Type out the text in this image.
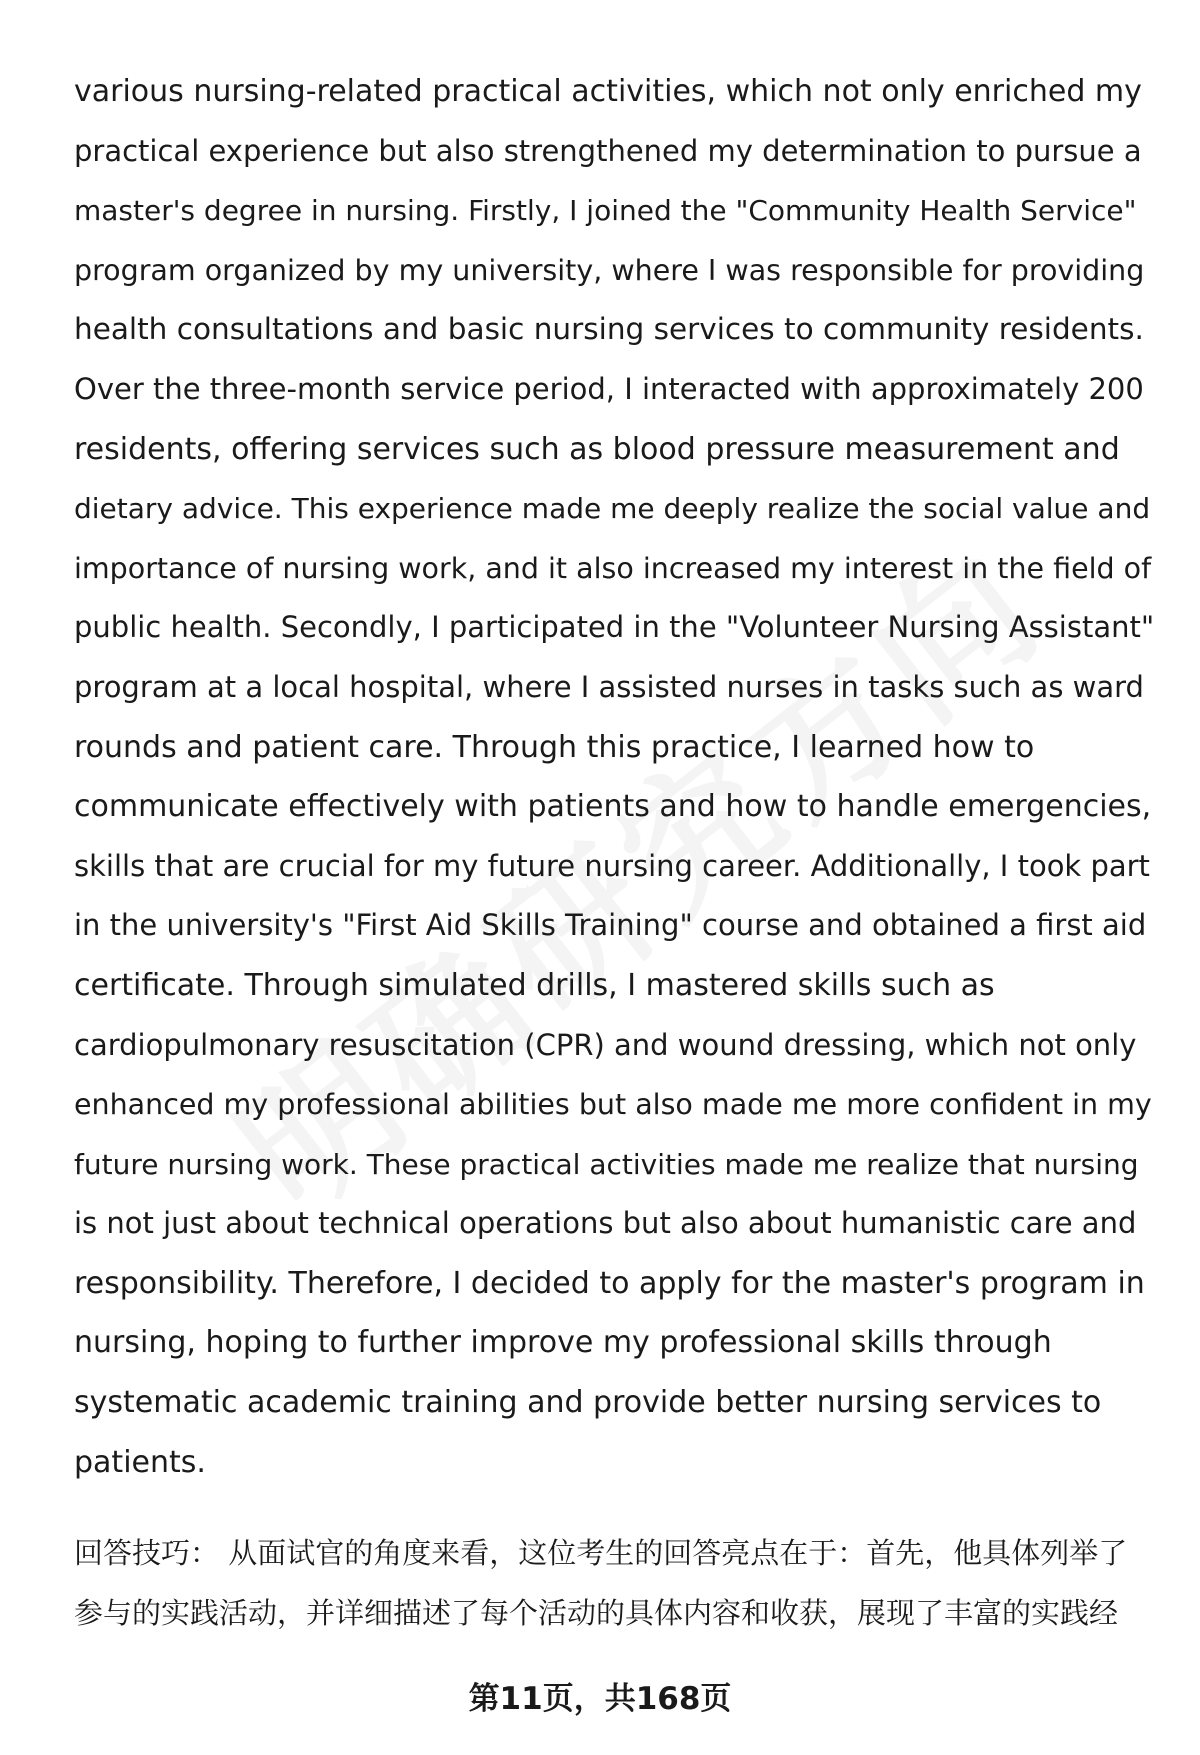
various nursing-related practical activities, which not only enriched my
practical experience but also strengthened my determination to pursue a
master's degree in nursing. Firstly, I joined the "Community Health Service"
program organized by my university, where I was responsible for providing
health consultations and basic nursing services to community residents.
Over the three-month service period, I interacted with approximately 200
residents, offering services such as blood pressure measurement and
dietary advice. This experience made me deeply realize the social value and
importance of nursing work, and it also increased my interest in the field of
public health. Secondly, I participated in the "Volunteer Nursing Assistant"
program at a local hospital, where I assisted nurses in tasks such as ward
rounds and patient care. Through this practice, I learned how to
communicate effectively with patients and how to handle emergencies,
skills that are crucial for my future nursing career. Additionally, I took part
in the university's "First Aid Skills Training" course and obtained a first aid
certificate. Through simulated drills, I mastered skills such as
cardiopulmonary resuscitation (CPR) and wound dressing, which not only
enhanced my professional abilities but also made me more confident in my
future nursing work. These practical activities made me realize that nursing
is not just about technical operations but also about humanistic care and
responsibility. Therefore, I decided to apply for the master's program in
nursing, hoping to further improve my professional skills through
systematic academic training and provide better nursing services to
patients.
回答技巧： 从面试官的角度来看，这位考生的回答亮点在于：首先，他具体列举了
参与的实践活动，并详细描述了每个活动的具体内容和收获，展现了丰富的实践经
第11页，共168页
